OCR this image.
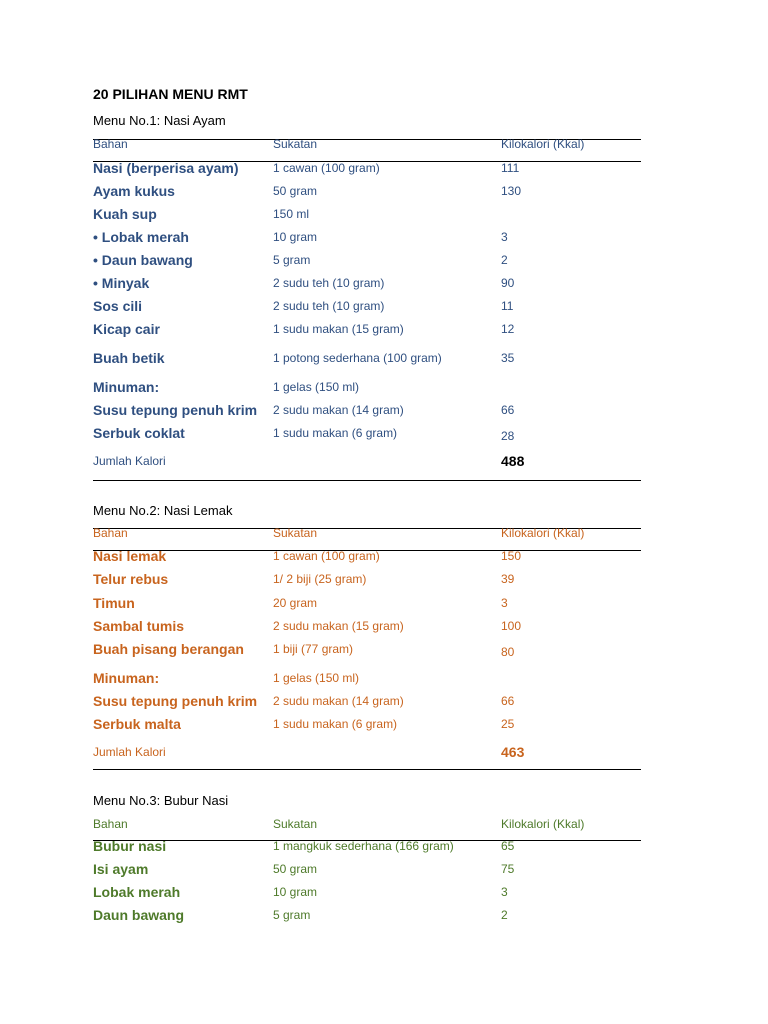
20 PILIHAN MENU RMT
Menu No.1: Nasi Ayam
Bahan	Sukatan	Kilokalori (Kkal)
Nasi (berperisa ayam)	1 cawan (100 gram)	111
Ayam kukus	50 gram	130
Kuah sup	150 ml
• Lobak merah	10 gram	3
• Daun bawang	5 gram	2
• Minyak	2 sudu teh (10 gram)	90
Sos cili	2 sudu teh (10 gram)	11
Kicap cair	1 sudu makan (15 gram)	12
Buah betik	1 potong sederhana (100 gram)	35
Minuman:	1 gelas (150 ml)
Susu tepung penuh krim 2 sudu makan (14 gram)	66
Serbuk coklat	1 sudu makan (6 gram)	28
Jumlah Kalori	488
Menu No.2: Nasi Lemak
Bahan	Sukatan	Kilokalori (Kkal)
Nasi lemak	1 cawan (100 gram)	150
Telur rebus	1/ 2 biji (25 gram)	39
Timun	20 gram	3
Sambal tumis	2 sudu makan (15 gram)	100
Buah pisang berangan 1 biji (77 gram)	80
Minuman:	1 gelas (150 ml)
Susu tepung penuh krim 2 sudu makan (14 gram)	66
Serbuk malta	1 sudu makan (6 gram)	25
Jumlah Kalori	463
Menu No.3: Bubur Nasi
Bahan	Sukatan	Kilokalori (Kkal)
Bubur nasi	1 mangkuk sederhana (166 gram)	65
Isi ayam	50 gram	75
Lobak merah	10 gram	3
Daun bawang	5 gram	2
